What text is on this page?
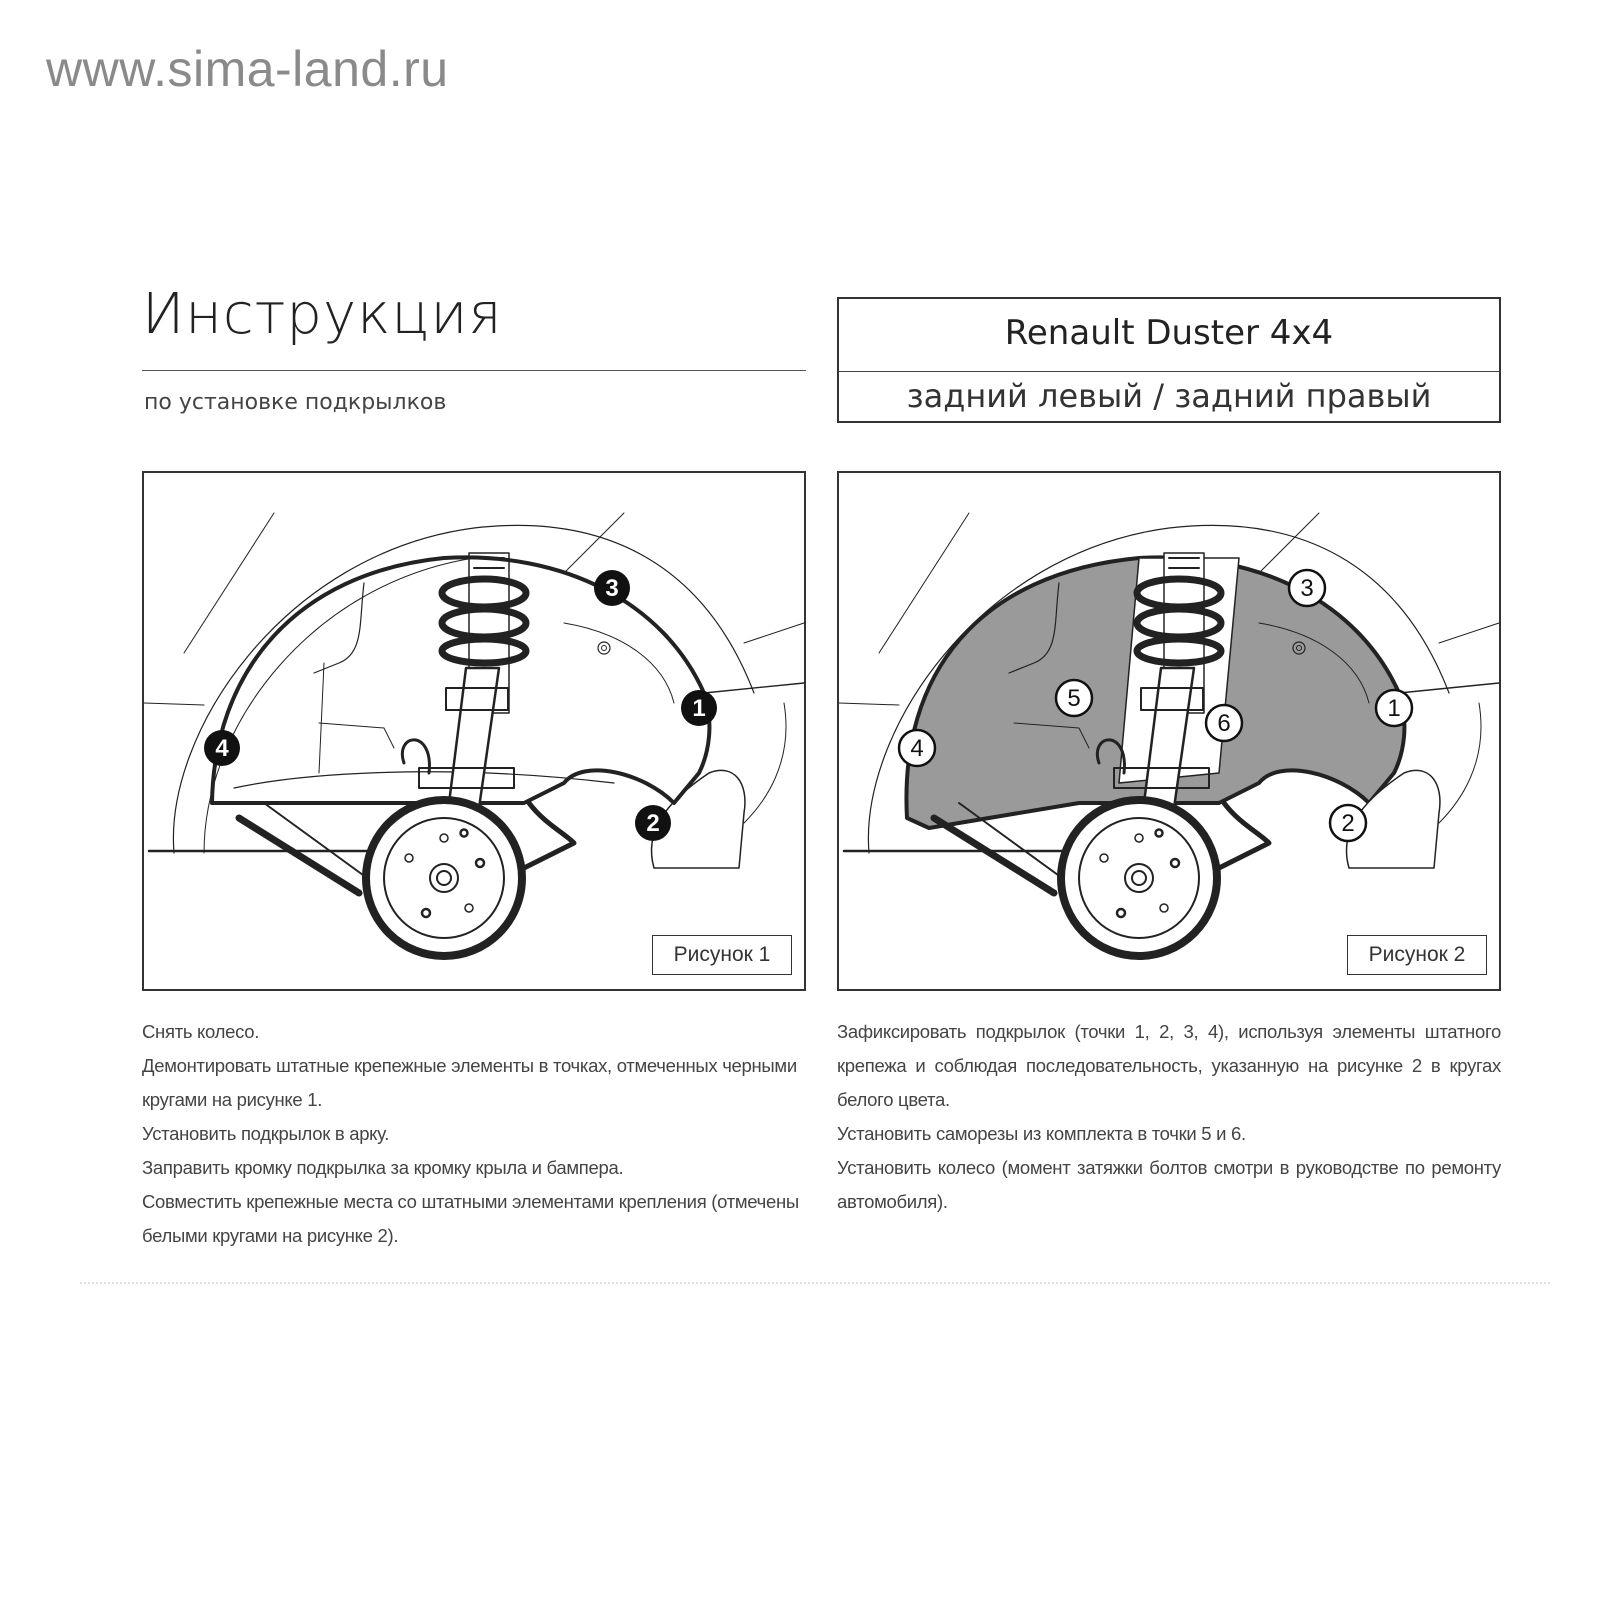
www.sima-land.ru
Инструкция
по установке подкрылков
Renault Duster 4x4
задний левый / задний правый
1
2
3
4
Рисунок 1
1
2
3
4
5
6
Рисунок 2
Снять колесо.
Демонтировать штатные крепежные элементы в точках, отмеченных черными кругами на рисунке 1.
Установить подкрылок в арку.
Заправить кромку подкрылка за кромку крыла и бампера.
Совместить крепежные места со штатными элементами крепления (отмечены белыми кругами на рисунке 2).
Зафиксировать подкрылок (точки 1, 2, 3, 4), используя элементы штатного крепежа и соблюдая последовательность, указанную на рисунке 2 в кругах белого цвета.
Установить саморезы из комплекта в точки 5 и 6.
Установить колесо (момент затяжки болтов смотри в руководстве по ремонту автомобиля).
